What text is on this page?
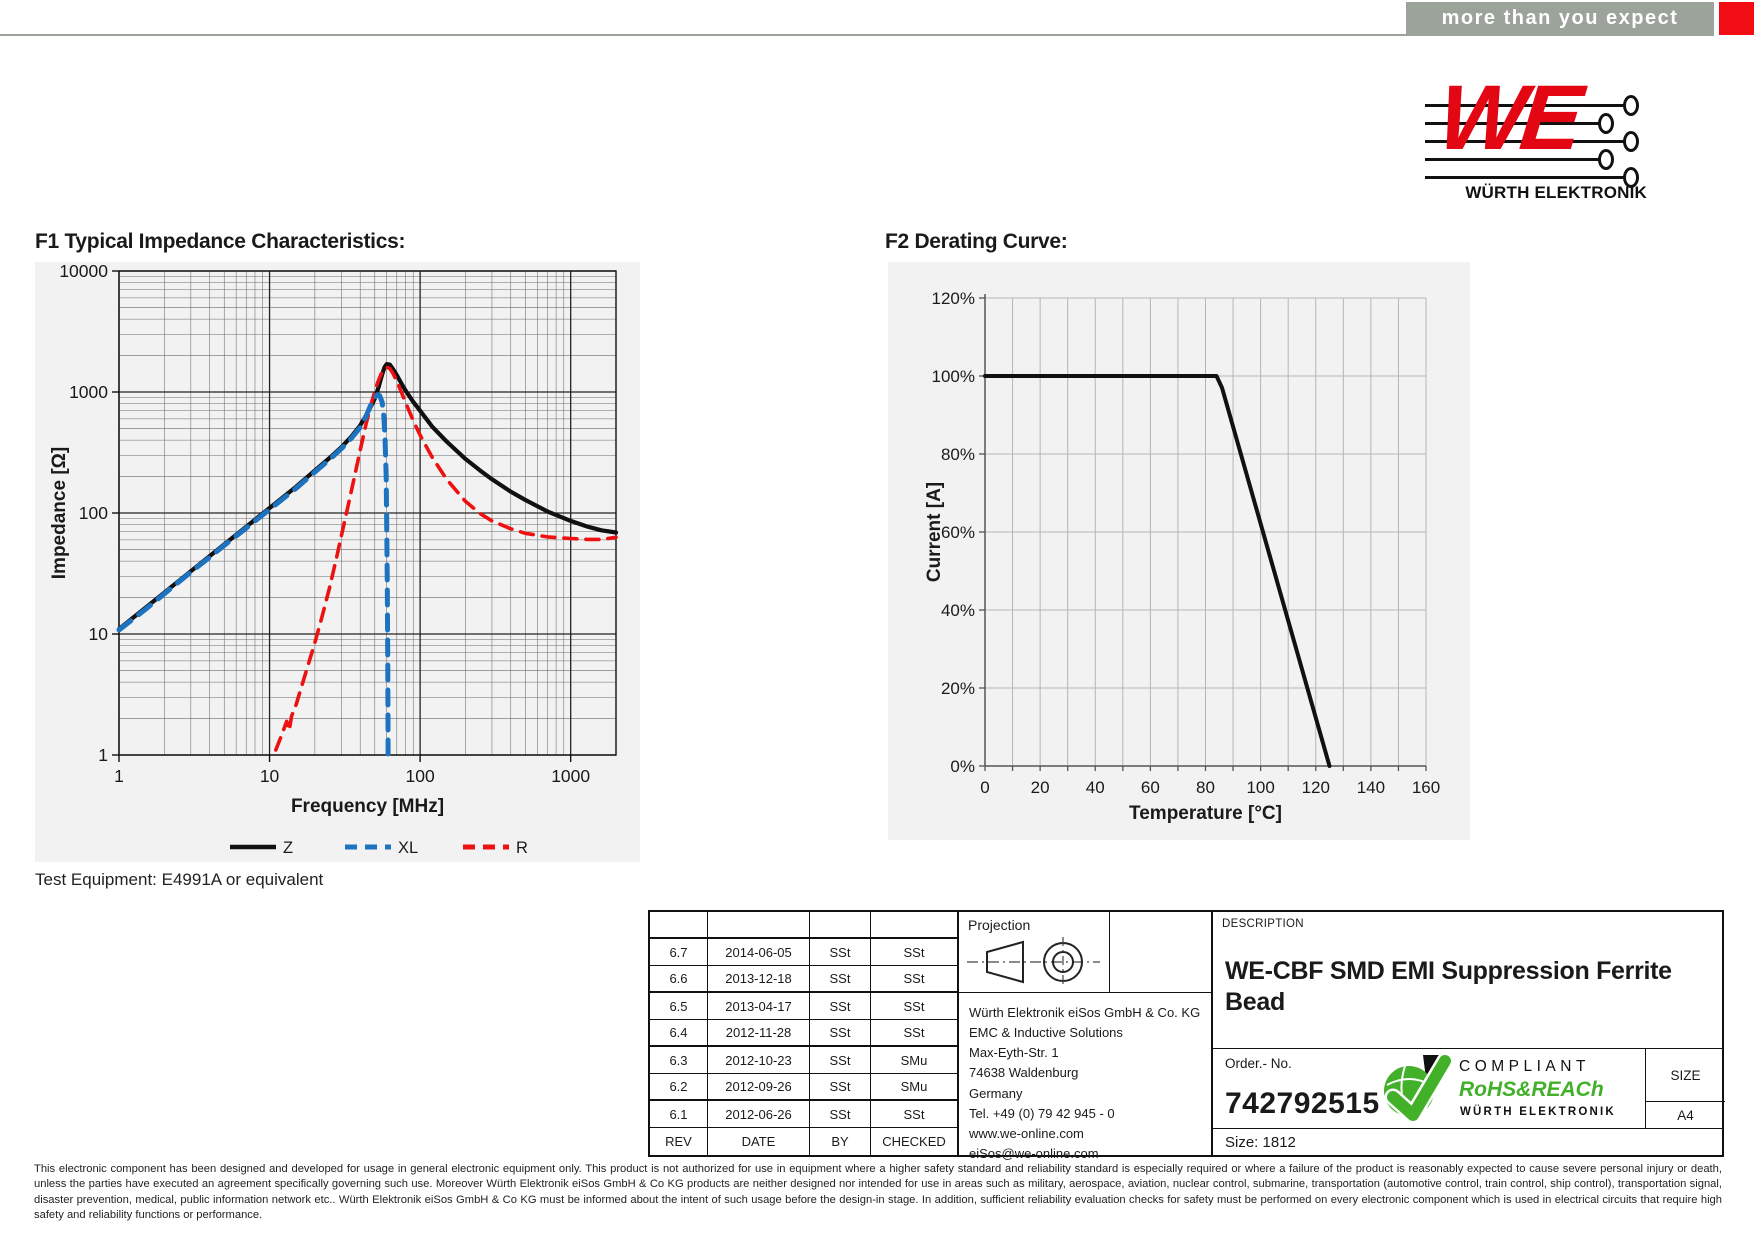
more than you expect
WE
WÜRTH ELEKTRONIK
F1 Typical Impedance Characteristics:
10000
1000
100
10
1
1	10	100	1000
Frequency [MHz]
Impedance [Ω]
Z	XL	R
Test Equipment: E4991A or equivalent
F2 Derating Curve:
120%
100%
80%
60%
40%
20%
0%
0 20 40 60 80 100 120 140 160
Temperature [°C]
Current [A]
6.7	2014-06-05	SSt	SSt
6.6	2013-12-18	SSt	SSt
6.5	2013-04-17	SSt	SSt
6.4	2012-11-28	SSt	SSt
6.3	2012-10-23	SSt	SMu
6.2	2012-09-26	SSt	SMu
6.1	2012-06-26	SSt	SSt
REV	DATE	BY	CHECKED
Projection
Würth Elektronik eiSos GmbH & Co. KG
EMC & Inductive Solutions
Max-Eyth-Str. 1
74638 Waldenburg
Germany
Tel. +49 (0) 79 42 945 - 0
www.we-online.com
eiSos@we-online.com
DESCRIPTION
WE-CBF SMD EMI Suppression Ferrite Bead
Order.- No.
742792515
COMPLIANT
RoHS&REACh
WÜRTH ELEKTRONIK
SIZE
A4
Size: 1812
This electronic component has been designed and developed for usage in general electronic equipment only. This product is not authorized for use in equipment where a higher safety standard and reliability standard is especially required or where a failure of the product is reasonably expected to cause severe personal injury or death, unless the parties have executed an agreement specifically governing such use. Moreover Würth Elektronik eiSos GmbH & Co KG products are neither designed nor intended for use in areas such as military, aerospace, aviation, nuclear control, submarine, transportation (automotive control, train control, ship control), transportation signal, disaster prevention, medical, public information network etc.. Würth Elektronik eiSos GmbH & Co KG must be informed about the intent of such usage before the design-in stage. In addition, sufficient reliability evaluation checks for safety must be performed on every electronic component which is used in electrical circuits that require high safety and reliability functions or performance.
